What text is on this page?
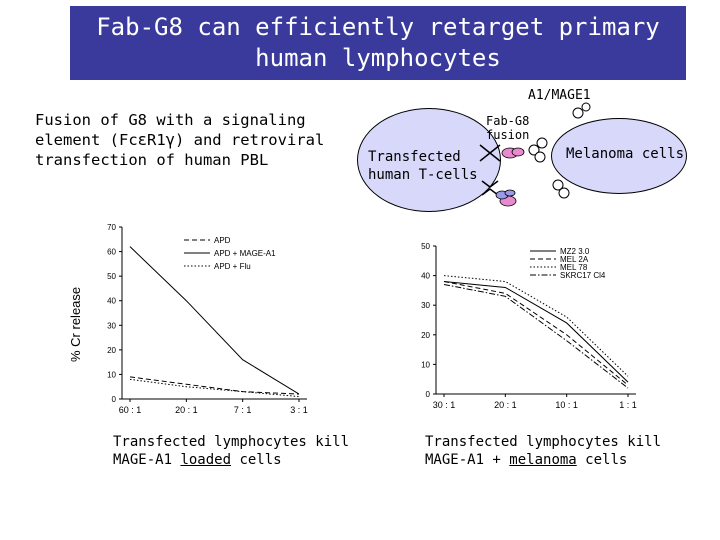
Fab-G8 can efficiently retarget primary
human lymphocytes
Fusion of G8 with a signaling
element (FcεR1γ) and retroviral
transfection of human PBL	Transfected
human T-cells
Melanoma cells
A1/MAGE1
Fab-G8
fusion
% Cr release
0
10
20
30
40
50
60
70
60 : 1	20 : 1	7 : 1	3 : 1
APD
APD + MAGE-A1
APD + Flu
0
10
20
30
40
50
30 : 1	20 : 1	10 : 1	1 : 1
MZ2 3.0
MEL 2A
MEL 78
SKRC17 Cl4
Transfected lymphocytes kill
MAGE-A1 loaded cells
Transfected lymphocytes kill
MAGE-A1 + melanoma cells
